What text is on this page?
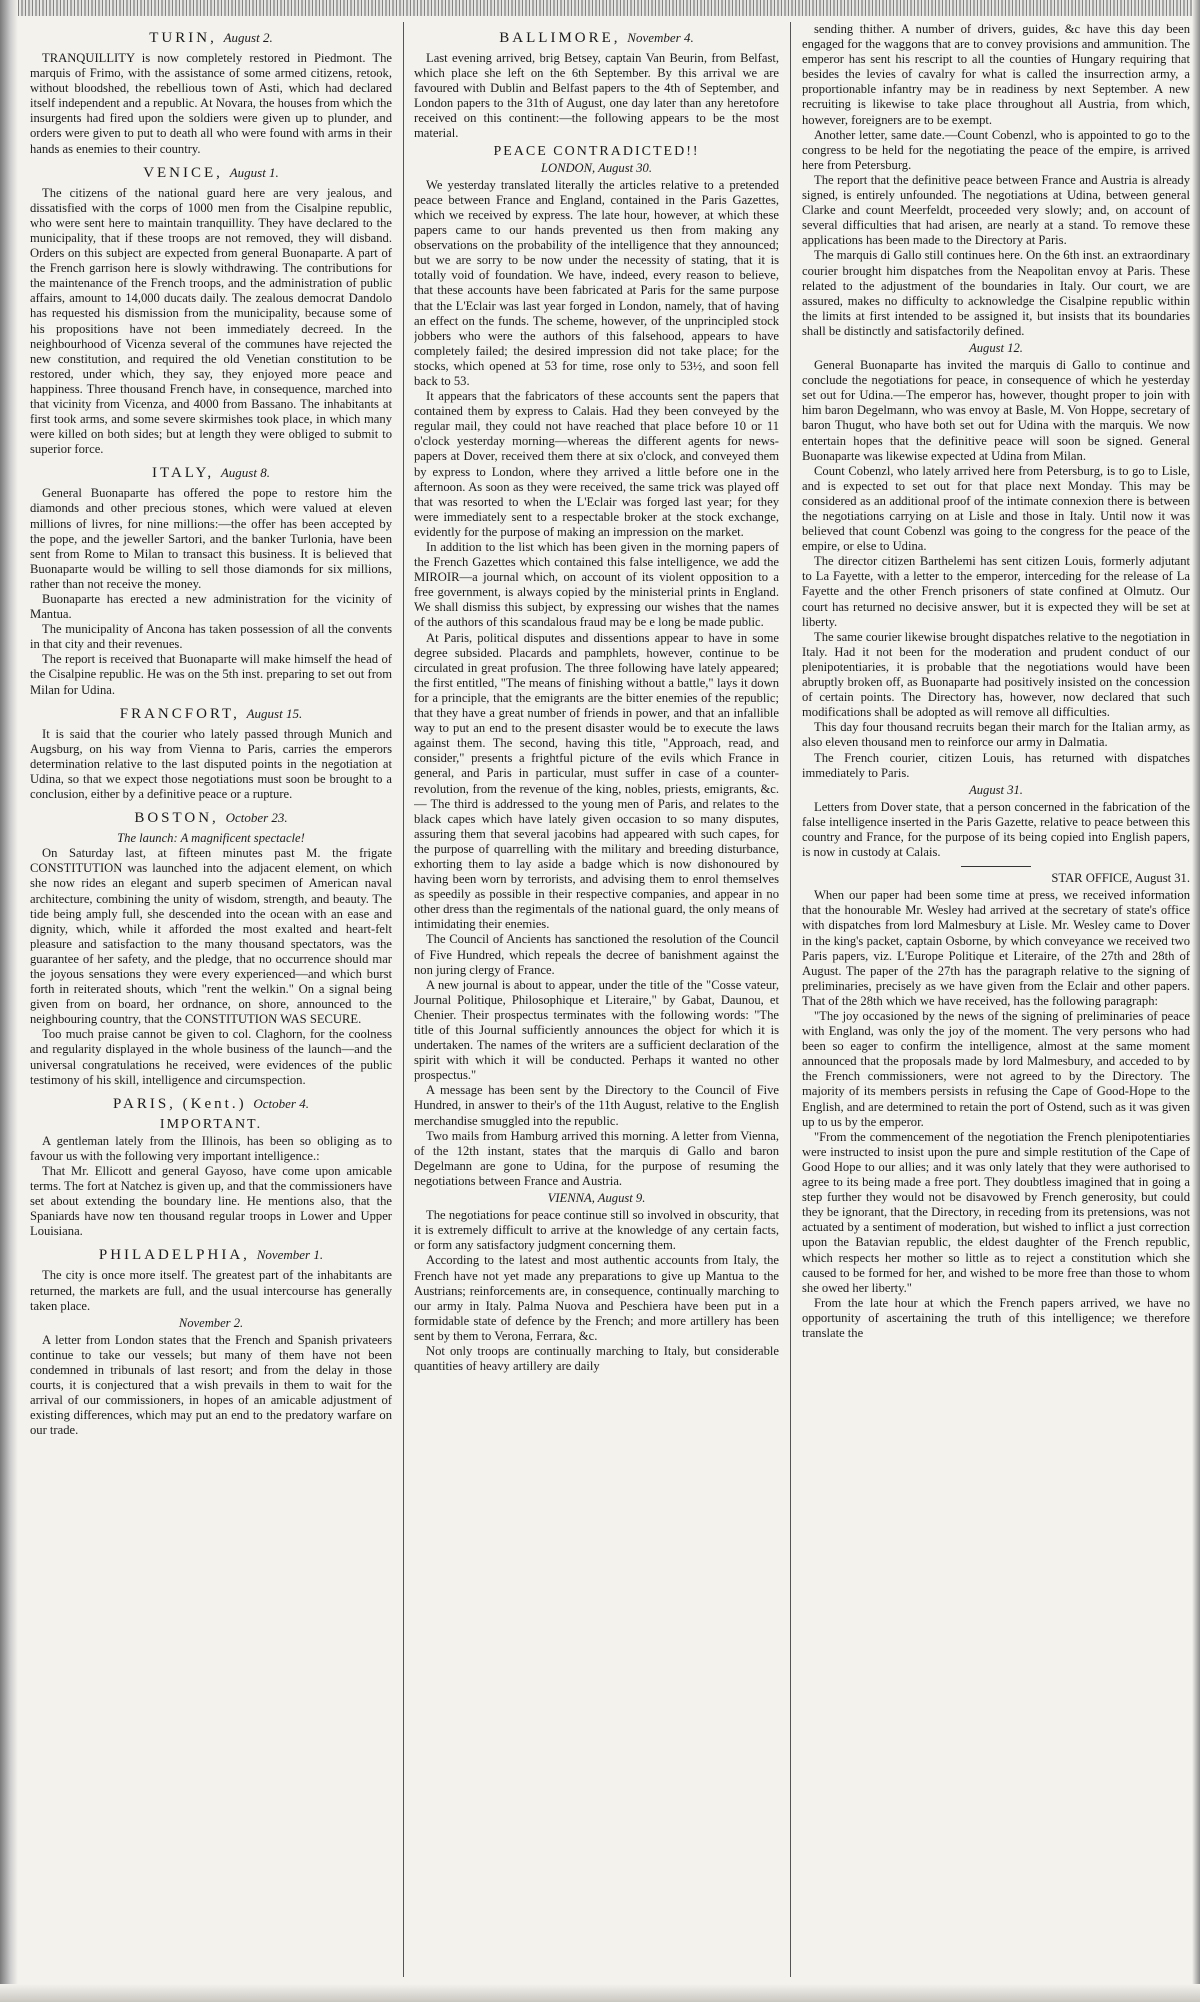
TURIN, August 2.
TRANQUILLITY is now completely restored in Piedmont. The marquis of Frimo, with the assistance of some armed citizens, retook, without bloodshed, the rebellious town of Asti, which had declared itself independent and a republic. At Novara, the houses from which the insurgents had fired upon the soldiers were given up to plunder, and orders were given to put to death all who were found with arms in their hands as enemies to their country.
VENICE, August 1.
The citizens of the national guard here are very jealous, and dissatisfied with the corps of 1000 men from the Cisalpine republic, who were sent here to maintain tranquillity. They have declared to the municipality, that if these troops are not removed, they will disband. Orders on this subject are expected from general Buonaparte. A part of the French garrison here is slowly withdrawing. The contributions for the maintenance of the French troops, and the administration of public affairs, amount to 14,000 ducats daily. The zealous democrat Dandolo has requested his dismission from the municipality, because some of his propositions have not been immediately decreed. In the neighbourhood of Vicenza several of the communes have rejected the new constitution, and required the old Venetian constitution to be restored, under which, they say, they enjoyed more peace and happiness. Three thousand French have, in consequence, marched into that vicinity from Vicenza, and 4000 from Bassano. The inhabitants at first took arms, and some severe skirmishes took place, in which many were killed on both sides; but at length they were obliged to submit to superior force.
ITALY, August 8.
General Buonaparte has offered the pope to restore him the diamonds and other precious stones, which were valued at eleven millions of livres, for nine millions:—the offer has been accepted by the pope, and the jeweller Sartori, and the banker Turlonia, have been sent from Rome to Milan to transact this business. It is believed that Buonaparte would be willing to sell those diamonds for six millions, rather than not receive the money.
Buonaparte has erected a new administration for the vicinity of Mantua.
The municipality of Ancona has taken possession of all the convents in that city and their revenues.
The report is received that Buonaparte will make himself the head of the Cisalpine republic. He was on the 5th inst. preparing to set out from Milan for Udina.
FRANCFORT, August 15.
It is said that the courier who lately passed through Munich and Augsburg, on his way from Vienna to Paris, carries the emperors determination relative to the last disputed points in the negotiation at Udina, so that we expect those negotiations must soon be brought to a conclusion, either by a definitive peace or a rupture.
BOSTON, October 23.
The launch: A magnificent spectacle!
On Saturday last, at fifteen minutes past M. the frigate CONSTITUTION was launched into the adjacent element, on which she now rides an elegant and superb specimen of American naval architecture, combining the unity of wisdom, strength, and beauty. The tide being amply full, she descended into the ocean with an ease and dignity, which, while it afforded the most exalted and heart-felt pleasure and satisfaction to the many thousand spectators, was the guarantee of her safety, and the pledge, that no occurrence should mar the joyous sensations they were every experienced—and which burst forth in reiterated shouts, which "rent the welkin." On a signal being given from on board, her ordnance, on shore, announced to the neighbouring country, that the CONSTITUTION WAS SECURE.
Too much praise cannot be given to col. Claghorn, for the coolness and regularity displayed in the whole business of the launch—and the universal congratulations he received, were evidences of the public testimony of his skill, intelligence and circumspection.
PARIS, (Kent.) October 4.
IMPORTANT.
A gentleman lately from the Illinois, has been so obliging as to favour us with the following very important intelligence.:
That Mr. Ellicott and general Gayoso, have come upon amicable terms. The fort at Natchez is given up, and that the commissioners have set about extending the boundary line. He mentions also, that the Spaniards have now ten thousand regular troops in Lower and Upper Louisiana.
PHILADELPHIA, November 1.
The city is once more itself. The greatest part of the inhabitants are returned, the markets are full, and the usual intercourse has generally taken place.
November 2.
A letter from London states that the French and Spanish privateers continue to take our vessels; but many of them have not been condemned in tribunals of last resort; and from the delay in those courts, it is conjectured that a wish prevails in them to wait for the arrival of our commissioners, in hopes of an amicable adjustment of existing differences, which may put an end to the predatory warfare on our trade.
BALLIMORE, November 4.
Last evening arrived, brig Betsey, captain Van Beurin, from Belfast, which place she left on the 6th September. By this arrival we are favoured with Dublin and Belfast papers to the 4th of September, and London papers to the 31th of August, one day later than any heretofore received on this continent:—the following appears to be the most material.
PEACE CONTRADICTED!!
LONDON, August 30.
We yesterday translated literally the articles relative to a pretended peace between France and England, contained in the Paris Gazettes, which we received by express. The late hour, however, at which these papers came to our hands prevented us then from making any observations on the probability of the intelligence that they announced; but we are sorry to be now under the necessity of stating, that it is totally void of foundation. We have, indeed, every reason to believe, that these accounts have been fabricated at Paris for the same purpose that the L'Eclair was last year forged in London, namely, that of having an effect on the funds. The scheme, however, of the unprincipled stock jobbers who were the authors of this falsehood, appears to have completely failed; the desired impression did not take place; for the stocks, which opened at 53 for time, rose only to 53½, and soon fell back to 53.
It appears that the fabricators of these accounts sent the papers that contained them by express to Calais. Had they been conveyed by the regular mail, they could not have reached that place before 10 or 11 o'clock yesterday morning—whereas the different agents for news-papers at Dover, received them there at six o'clock, and conveyed them by express to London, where they arrived a little before one in the afternoon. As soon as they were received, the same trick was played off that was resorted to when the L'Eclair was forged last year; for they were immediately sent to a respectable broker at the stock exchange, evidently for the purpose of making an impression on the market.
In addition to the list which has been given in the morning papers of the French Gazettes which contained this false intelligence, we add the MIROIR—a journal which, on account of its violent opposition to a free government, is always copied by the ministerial prints in England. We shall dismiss this subject, by expressing our wishes that the names of the authors of this scandalous fraud may be e long be made public.
At Paris, political disputes and dissentions appear to have in some degree subsided. Placards and pamphlets, however, continue to be circulated in great profusion. The three following have lately appeared; the first entitled, "The means of finishing without a battle," lays it down for a principle, that the emigrants are the bitter enemies of the republic; that they have a great number of friends in power, and that an infallible way to put an end to the present disaster would be to execute the laws against them. The second, having this title, "Approach, read, and consider," presents a frightful picture of the evils which France in general, and Paris in particular, must suffer in case of a counter-revolution, from the revenue of the king, nobles, priests, emigrants, &c.— The third is addressed to the young men of Paris, and relates to the black capes which have lately given occasion to so many disputes, assuring them that several jacobins had appeared with such capes, for the purpose of quarrelling with the military and breeding disturbance, exhorting them to lay aside a badge which is now dishonoured by having been worn by terrorists, and advising them to enrol themselves as speedily as possible in their respective companies, and appear in no other dress than the regimentals of the national guard, the only means of intimidating their enemies.
The Council of Ancients has sanctioned the resolution of the Council of Five Hundred, which repeals the decree of banishment against the non juring clergy of France.
A new journal is about to appear, under the title of the "Cosse vateur, Journal Politique, Philosophique et Literaire," by Gabat, Daunou, et Chenier. Their prospectus terminates with the following words: "The title of this Journal sufficiently announces the object for which it is undertaken. The names of the writers are a sufficient declaration of the spirit with which it will be conducted. Perhaps it wanted no other prospectus."
A message has been sent by the Directory to the Council of Five Hundred, in answer to their's of the 11th August, relative to the English merchandise smuggled into the republic.
Two mails from Hamburg arrived this morning. A letter from Vienna, of the 12th instant, states that the marquis di Gallo and baron Degelmann are gone to Udina, for the purpose of resuming the negotiations between France and Austria.
VIENNA, August 9.
The negotiations for peace continue still so involved in obscurity, that it is extremely difficult to arrive at the knowledge of any certain facts, or form any satisfactory judgment concerning them.
According to the latest and most authentic accounts from Italy, the French have not yet made any preparations to give up Mantua to the Austrians; reinforcements are, in consequence, continually marching to our army in Italy. Palma Nuova and Peschiera have been put in a formidable state of defence by the French; and more artillery has been sent by them to Verona, Ferrara, &c.
Not only troops are continually marching to Italy, but considerable quantities of heavy artillery are daily
sending thither. A number of drivers, guides, &c have this day been engaged for the waggons that are to convey provisions and ammunition. The emperor has sent his rescript to all the counties of Hungary requiring that besides the levies of cavalry for what is called the insurrection army, a proportionable infantry may be in readiness by next September. A new recruiting is likewise to take place throughout all Austria, from which, however, foreigners are to be exempt.
Another letter, same date.—Count Cobenzl, who is appointed to go to the congress to be held for the negotiating the peace of the empire, is arrived here from Petersburg.
The report that the definitive peace between France and Austria is already signed, is entirely unfounded. The negotiations at Udina, between general Clarke and count Meerfeldt, proceeded very slowly; and, on account of several difficulties that had arisen, are nearly at a stand. To remove these applications has been made to the Directory at Paris.
The marquis di Gallo still continues here. On the 6th inst. an extraordinary courier brought him dispatches from the Neapolitan envoy at Paris. These related to the adjustment of the boundaries in Italy. Our court, we are assured, makes no difficulty to acknowledge the Cisalpine republic within the limits at first intended to be assigned it, but insists that its boundaries shall be distinctly and satisfactorily defined.
August 12.
General Buonaparte has invited the marquis di Gallo to continue and conclude the negotiations for peace, in consequence of which he yesterday set out for Udina.—The emperor has, however, thought proper to join with him baron Degelmann, who was envoy at Basle, M. Von Hoppe, secretary of baron Thugut, who have both set out for Udina with the marquis. We now entertain hopes that the definitive peace will soon be signed. General Buonaparte was likewise expected at Udina from Milan.
Count Cobenzl, who lately arrived here from Petersburg, is to go to Lisle, and is expected to set out for that place next Monday. This may be considered as an additional proof of the intimate connexion there is between the negotiations carrying on at Lisle and those in Italy. Until now it was believed that count Cobenzl was going to the congress for the peace of the empire, or else to Udina.
The director citizen Barthelemi has sent citizen Louis, formerly adjutant to La Fayette, with a letter to the emperor, interceding for the release of La Fayette and the other French prisoners of state confined at Olmutz. Our court has returned no decisive answer, but it is expected they will be set at liberty.
The same courier likewise brought dispatches relative to the negotiation in Italy. Had it not been for the moderation and prudent conduct of our plenipotentiaries, it is probable that the negotiations would have been abruptly broken off, as Buonaparte had positively insisted on the concession of certain points. The Directory has, however, now declared that such modifications shall be adopted as will remove all difficulties.
This day four thousand recruits began their march for the Italian army, as also eleven thousand men to reinforce our army in Dalmatia.
The French courier, citizen Louis, has returned with dispatches immediately to Paris.
August 31.
Letters from Dover state, that a person concerned in the fabrication of the false intelligence inserted in the Paris Gazette, relative to peace between this country and France, for the purpose of its being copied into English papers, is now in custody at Calais.
STAR OFFICE, August 31.
When our paper had been some time at press, we received information that the honourable Mr. Wesley had arrived at the secretary of state's office with dispatches from lord Malmesbury at Lisle. Mr. Wesley came to Dover in the king's packet, captain Osborne, by which conveyance we received two Paris papers, viz. L'Europe Politique et Literaire, of the 27th and 28th of August. The paper of the 27th has the paragraph relative to the signing of preliminaries, precisely as we have given from the Eclair and other papers. That of the 28th which we have received, has the following paragraph:
"The joy occasioned by the news of the signing of preliminaries of peace with England, was only the joy of the moment. The very persons who had been so eager to confirm the intelligence, almost at the same moment announced that the proposals made by lord Malmesbury, and acceded to by the French commissioners, were not agreed to by the Directory. The majority of its members persists in refusing the Cape of Good-Hope to the English, and are determined to retain the port of Ostend, such as it was given up to us by the emperor.
"From the commencement of the negotiation the French plenipotentiaries were instructed to insist upon the pure and simple restitution of the Cape of Good Hope to our allies; and it was only lately that they were authorised to agree to its being made a free port. They doubtless imagined that in going a step further they would not be disavowed by French generosity, but could they be ignorant, that the Directory, in receding from its pretensions, was not actuated by a sentiment of moderation, but wished to inflict a just correction upon the Batavian republic, the eldest daughter of the French republic, which respects her mother so little as to reject a constitution which she caused to be formed for her, and wished to be more free than those to whom she owed her liberty."
From the late hour at which the French papers arrived, we have no opportunity of ascertaining the truth of this intelligence; we therefore translate the
